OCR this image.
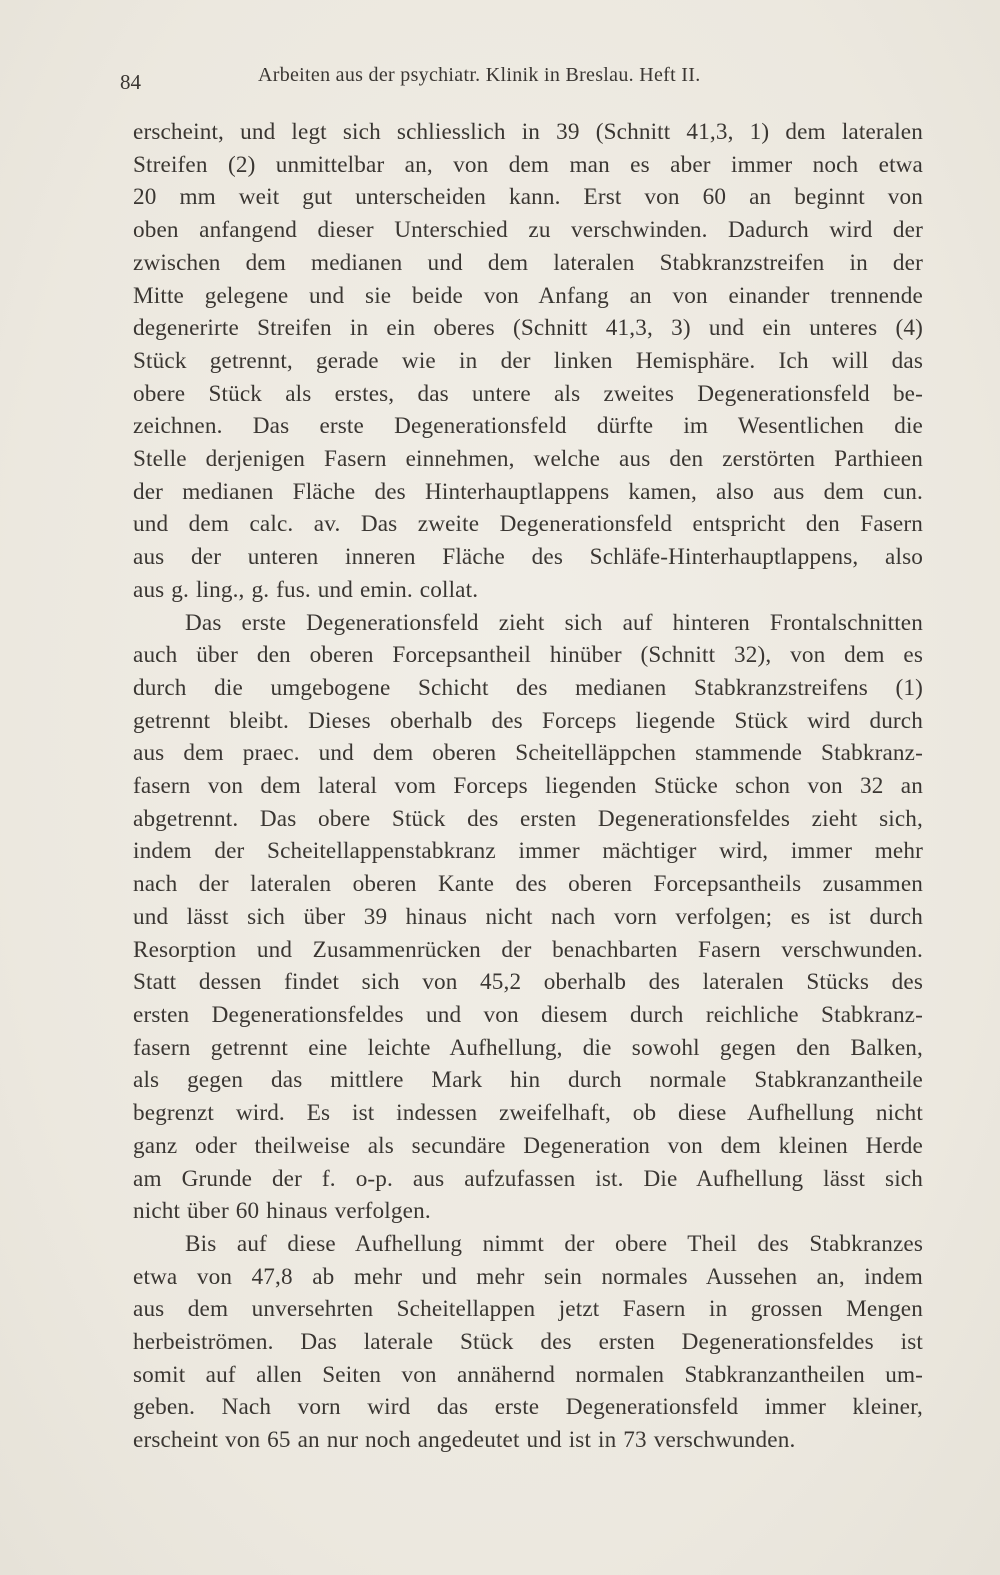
84	Arbeiten aus der psychiatr. Klinik in Breslau. Heft II.

erscheint, und legt sich schliesslich in 39 (Schnitt 41,3, 1) dem lateralen
Streifen (2) unmittelbar an, von dem man es aber immer noch etwa
20 mm weit gut unterscheiden kann. Erst von 60 an beginnt von
oben anfangend dieser Unterschied zu verschwinden. Dadurch wird der
zwischen dem medianen und dem lateralen Stabkranzstreifen in der
Mitte gelegene und sie beide von Anfang an von einander trennende
degenerirte Streifen in ein oberes (Schnitt 41,3, 3) und ein unteres (4)
Stück getrennt, gerade wie in der linken Hemisphäre. Ich will das
obere Stück als erstes, das untere als zweites Degenerationsfeld be-
zeichnen. Das erste Degenerationsfeld dürfte im Wesentlichen die
Stelle derjenigen Fasern einnehmen, welche aus den zerstörten Parthieen
der medianen Fläche des Hinterhauptlappens kamen, also aus dem cun.
und dem calc. av. Das zweite Degenerationsfeld entspricht den Fasern
aus der unteren inneren Fläche des Schläfe-Hinterhauptlappens, also
aus g. ling., g. fus. und emin. collat.

Das erste Degenerationsfeld zieht sich auf hinteren Frontalschnitten
auch über den oberen Forcepsantheil hinüber (Schnitt 32), von dem es
durch die umgebogene Schicht des medianen Stabkranzstreifens (1)
getrennt bleibt. Dieses oberhalb des Forceps liegende Stück wird durch
aus dem praec. und dem oberen Scheitelläppchen stammende Stabkranz-
fasern von dem lateral vom Forceps liegenden Stücke schon von 32 an
abgetrennt. Das obere Stück des ersten Degenerationsfeldes zieht sich,
indem der Scheitellappenstabkranz immer mächtiger wird, immer mehr
nach der lateralen oberen Kante des oberen Forcepsantheils zusammen
und lässt sich über 39 hinaus nicht nach vorn verfolgen; es ist durch
Resorption und Zusammenrücken der benachbarten Fasern verschwunden.
Statt dessen findet sich von 45,2 oberhalb des lateralen Stücks des
ersten Degenerationsfeldes und von diesem durch reichliche Stabkranz-
fasern getrennt eine leichte Aufhellung, die sowohl gegen den Balken,
als gegen das mittlere Mark hin durch normale Stabkranzantheile
begrenzt wird. Es ist indessen zweifelhaft, ob diese Aufhellung nicht
ganz oder theilweise als secundäre Degeneration von dem kleinen Herde
am Grunde der f. o-p. aus aufzufassen ist. Die Aufhellung lässt sich
nicht über 60 hinaus verfolgen.

Bis auf diese Aufhellung nimmt der obere Theil des Stabkranzes
etwa von 47,8 ab mehr und mehr sein normales Aussehen an, indem
aus dem unversehrten Scheitellappen jetzt Fasern in grossen Mengen
herbeiströmen. Das laterale Stück des ersten Degenerationsfeldes ist
somit auf allen Seiten von annähernd normalen Stabkranzantheilen um-
geben. Nach vorn wird das erste Degenerationsfeld immer kleiner,
erscheint von 65 an nur noch angedeutet und ist in 73 verschwunden.
